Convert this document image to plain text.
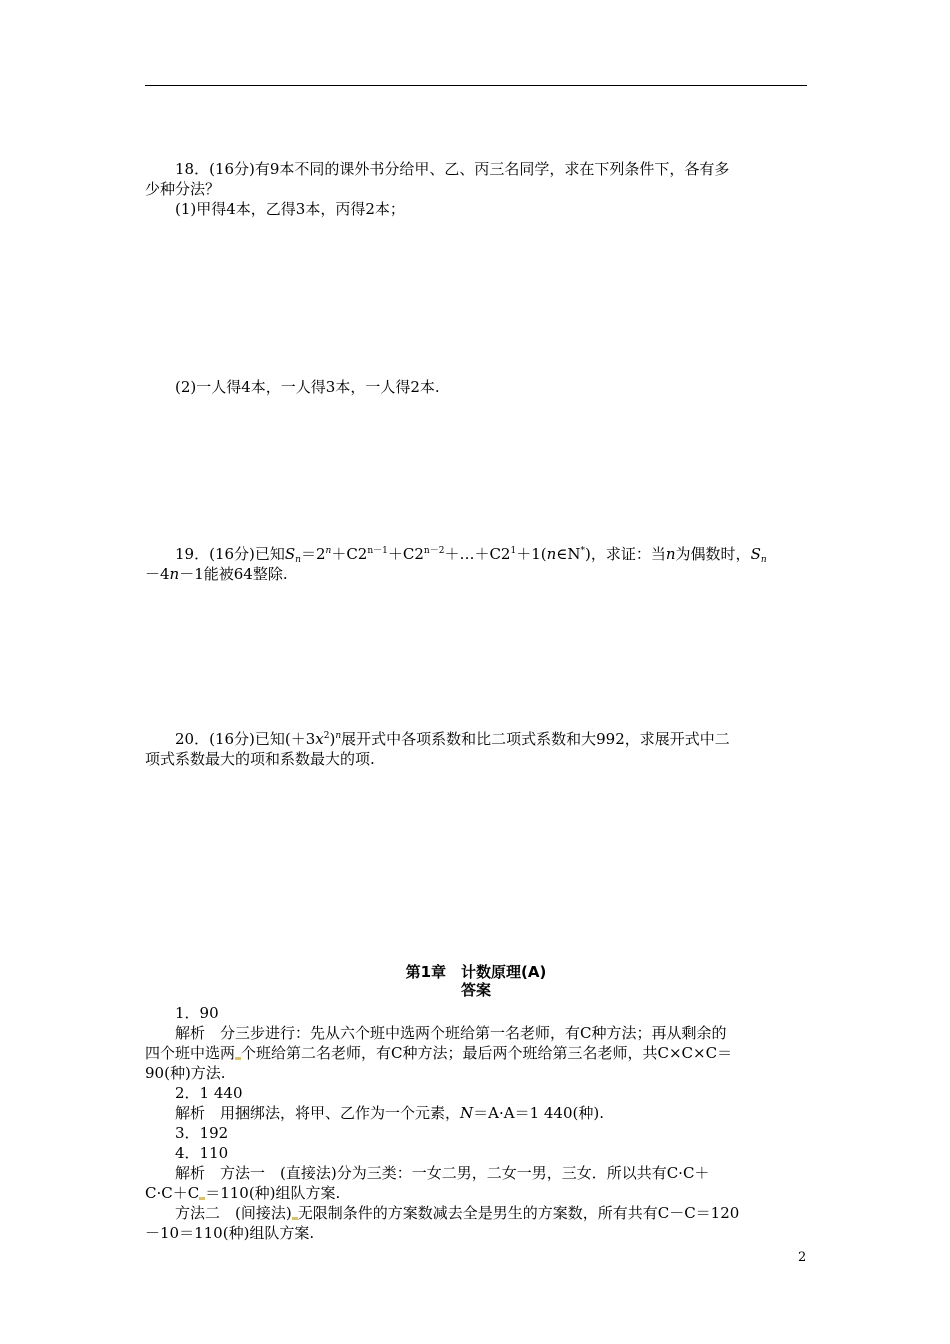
18．(16分)有9本不同的课外书分给甲、乙、丙三名同学，求在下列条件下，各有多
少种分法？
(1)甲得4本，乙得3本，丙得2本；
(2)一人得4本，一人得3本，一人得2本.
19．(16分)已知$S_n=2^n+C2^{n-1}+C2^{n-2}+\dots+C2^1+1(n\in N^*)$，求证：当n为偶数时，$S_n$
－4n－1能被64整除.
20．(16分)已知$(+3x^2)^n$展开式中各项系数和比二项式系数和大992，求展开式中二
项式系数最大的项和系数最大的项.
第1章　计数原理(A)
答案
1．90
解析　分三步进行：先从六个班中选两个班给第一名老师，有C种方法；再从剩余的
四个班中选两 个班给第二名老师，有C种方法；最后两个班给第三名老师，共C×C×C＝
90(种)方法.
2．1 440
解析　用捆绑法，将甲、乙作为一个元素，N＝A·A＝1 440(种).
3．192
4．110
解析　方法一　(直接法)分为三类：一女二男，二女一男，三女．所以共有C·C＋
C·C＋C ＝110(种)组队方案.
方法二　(间接法) 无限制条件的方案数减去全是男生的方案数，所有共有C－C＝120
－10＝110(种)组队方案.
2
